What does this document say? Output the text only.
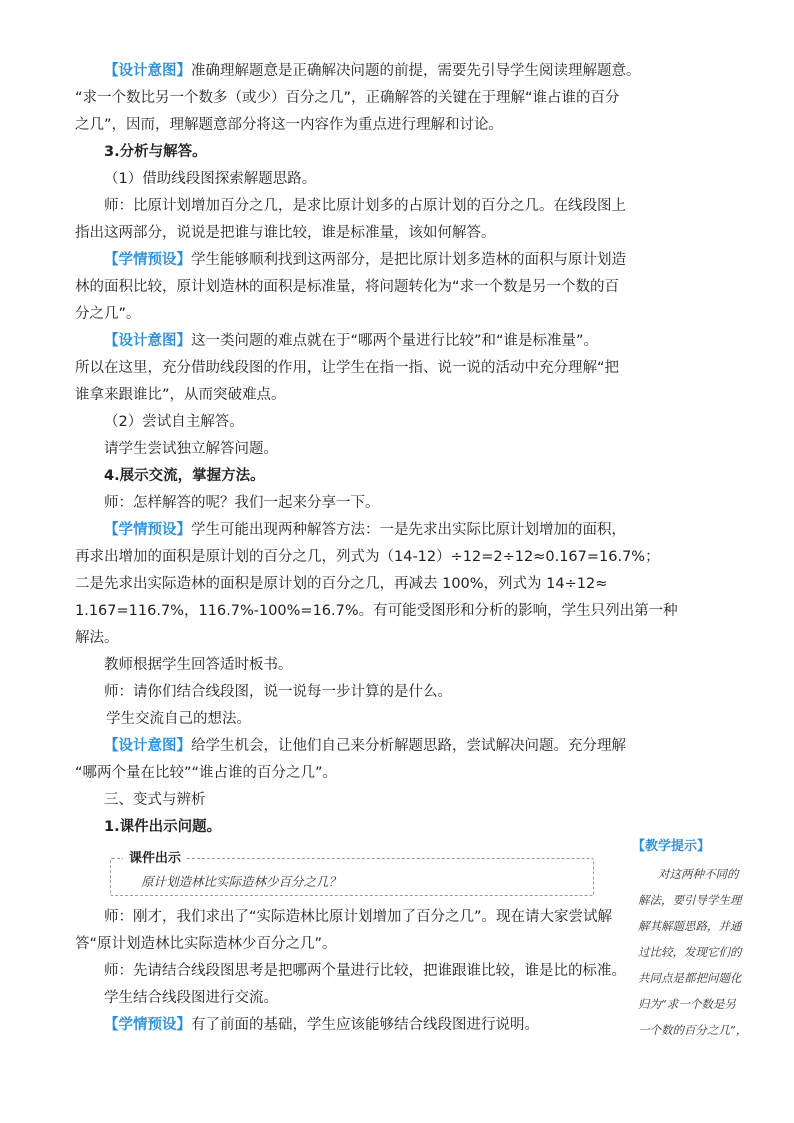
【设计意图】准确理解题意是正确解决问题的前提，需要先引导学生阅读理解题意。
“求一个数比另一个数多（或少）百分之几”，正确解答的关键在于理解“谁占谁的百分
之几”，因而，理解题意部分将这一内容作为重点进行理解和讨论。
3.分析与解答。
（1）借助线段图探索解题思路。
师：比原计划增加百分之几，是求比原计划多的占原计划的百分之几。在线段图上
指出这两部分，说说是把谁与谁比较，谁是标准量，该如何解答。
【学情预设】学生能够顺利找到这两部分，是把比原计划多造林的面积与原计划造
林的面积比较，原计划造林的面积是标准量，将问题转化为“求一个数是另一个数的百
分之几”。
【设计意图】这一类问题的难点就在于“哪两个量进行比较”和“谁是标准量”。
所以在这里，充分借助线段图的作用，让学生在指一指、说一说的活动中充分理解“把
谁拿来跟谁比”，从而突破难点。
（2）尝试自主解答。
请学生尝试独立解答问题。
4.展示交流，掌握方法。
师：怎样解答的呢？我们一起来分享一下。
【学情预设】学生可能出现两种解答方法：一是先求出实际比原计划增加的面积，
再求出增加的面积是原计划的百分之几，列式为（14-12）÷12=2÷12≈0.167=16.7%；
二是先求出实际造林的面积是原计划的百分之几，再减去 100%，列式为 14÷12≈
1.167=116.7%，116.7%-100%=16.7%。有可能受图形和分析的影响，学生只列出第一种
解法。
教师根据学生回答适时板书。
师：请你们结合线段图，说一说每一步计算的是什么。
学生交流自己的想法。
【设计意图】给学生机会，让他们自己来分析解题思路，尝试解决问题。充分理解
“哪两个量在比较”“谁占谁的百分之几”。
三、变式与辨析
1.课件出示问题。
课件出示
原计划造林比实际造林少百分之几？
师：刚才，我们求出了“实际造林比原计划增加了百分之几”。现在请大家尝试解
答“原计划造林比实际造林少百分之几”。
师：先请结合线段图思考是把哪两个量进行比较，把谁跟谁比较，谁是比的标准。
学生结合线段图进行交流。
【学情预设】有了前面的基础，学生应该能够结合线段图进行说明。
【教学提示】
对这两种不同的
解法，要引导学生理
解其解题思路，并通
过比较，发现它们的
共同点是都把问题化
归为“求一个数是另
一个数的百分之几”，
